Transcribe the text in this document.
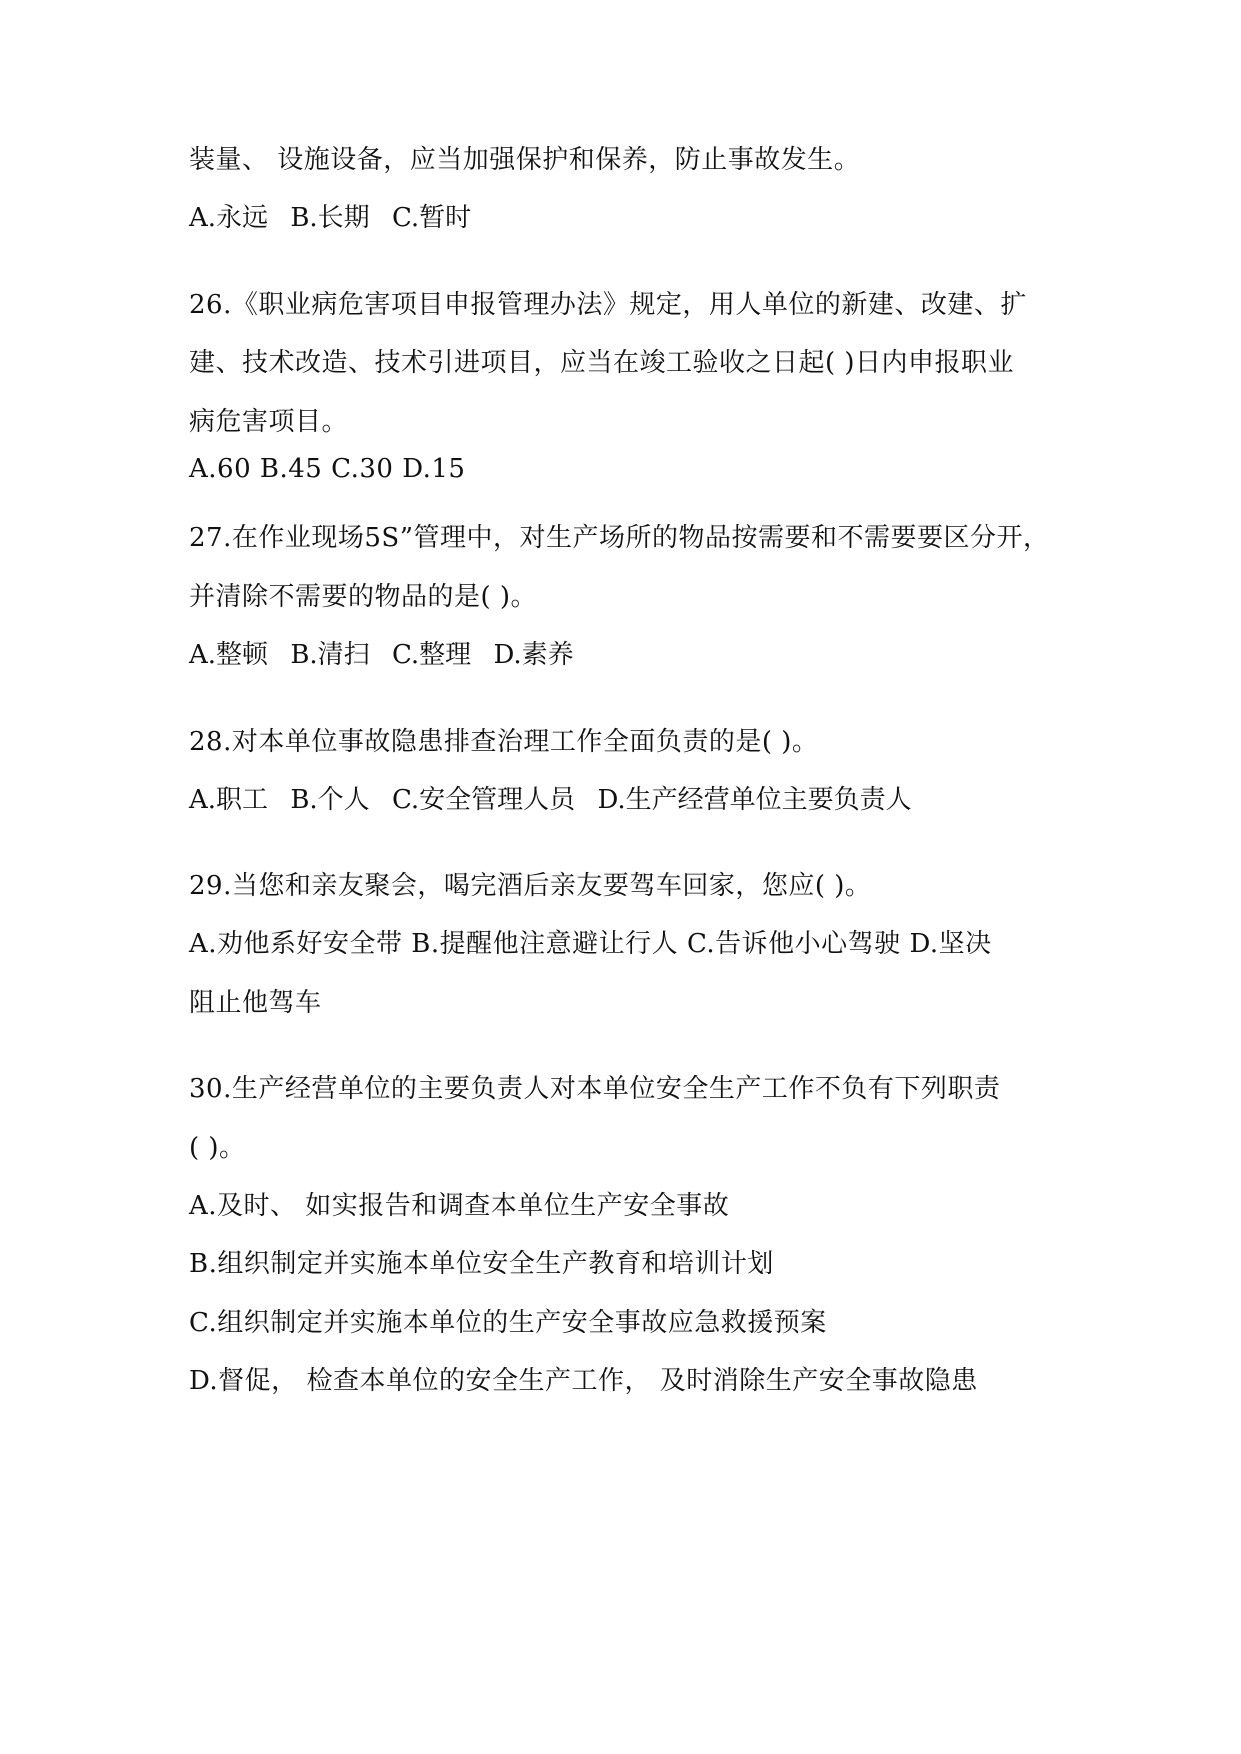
装量、 设施设备，应当加强保护和保养，防止事故发生。
A.永远 B.长期 C.暂时
26.《职业病危害项目申报管理办法》规定，用人单位的新建、改建、扩
建、技术改造、技术引进项目，应当在竣工验收之日起( )日内申报职业
病危害项目。
A.60 B.45 C.30 D.15
27.在作业现场5S”管理中，对生产场所的物品按需要和不需要要区分开，
并清除不需要的物品的是( )。
A.整顿 B.清扫 C.整理 D.素养
28.对本单位事故隐患排查治理工作全面负责的是( )。
A.职工 B.个人 C.安全管理人员 D.生产经营单位主要负责人
29.当您和亲友聚会，喝完酒后亲友要驾车回家，您应( )。
A.劝他系好安全带 B.提醒他注意避让行人 C.告诉他小心驾驶 D.坚决
阻止他驾车
30.生产经营单位的主要负责人对本单位安全生产工作不负有下列职责
( )。
A.及时、 如实报告和调查本单位生产安全事故
B.组织制定并实施本单位安全生产教育和培训计划
C.组织制定并实施本单位的生产安全事故应急救援预案
D.督促， 检查本单位的安全生产工作， 及时消除生产安全事故隐患
